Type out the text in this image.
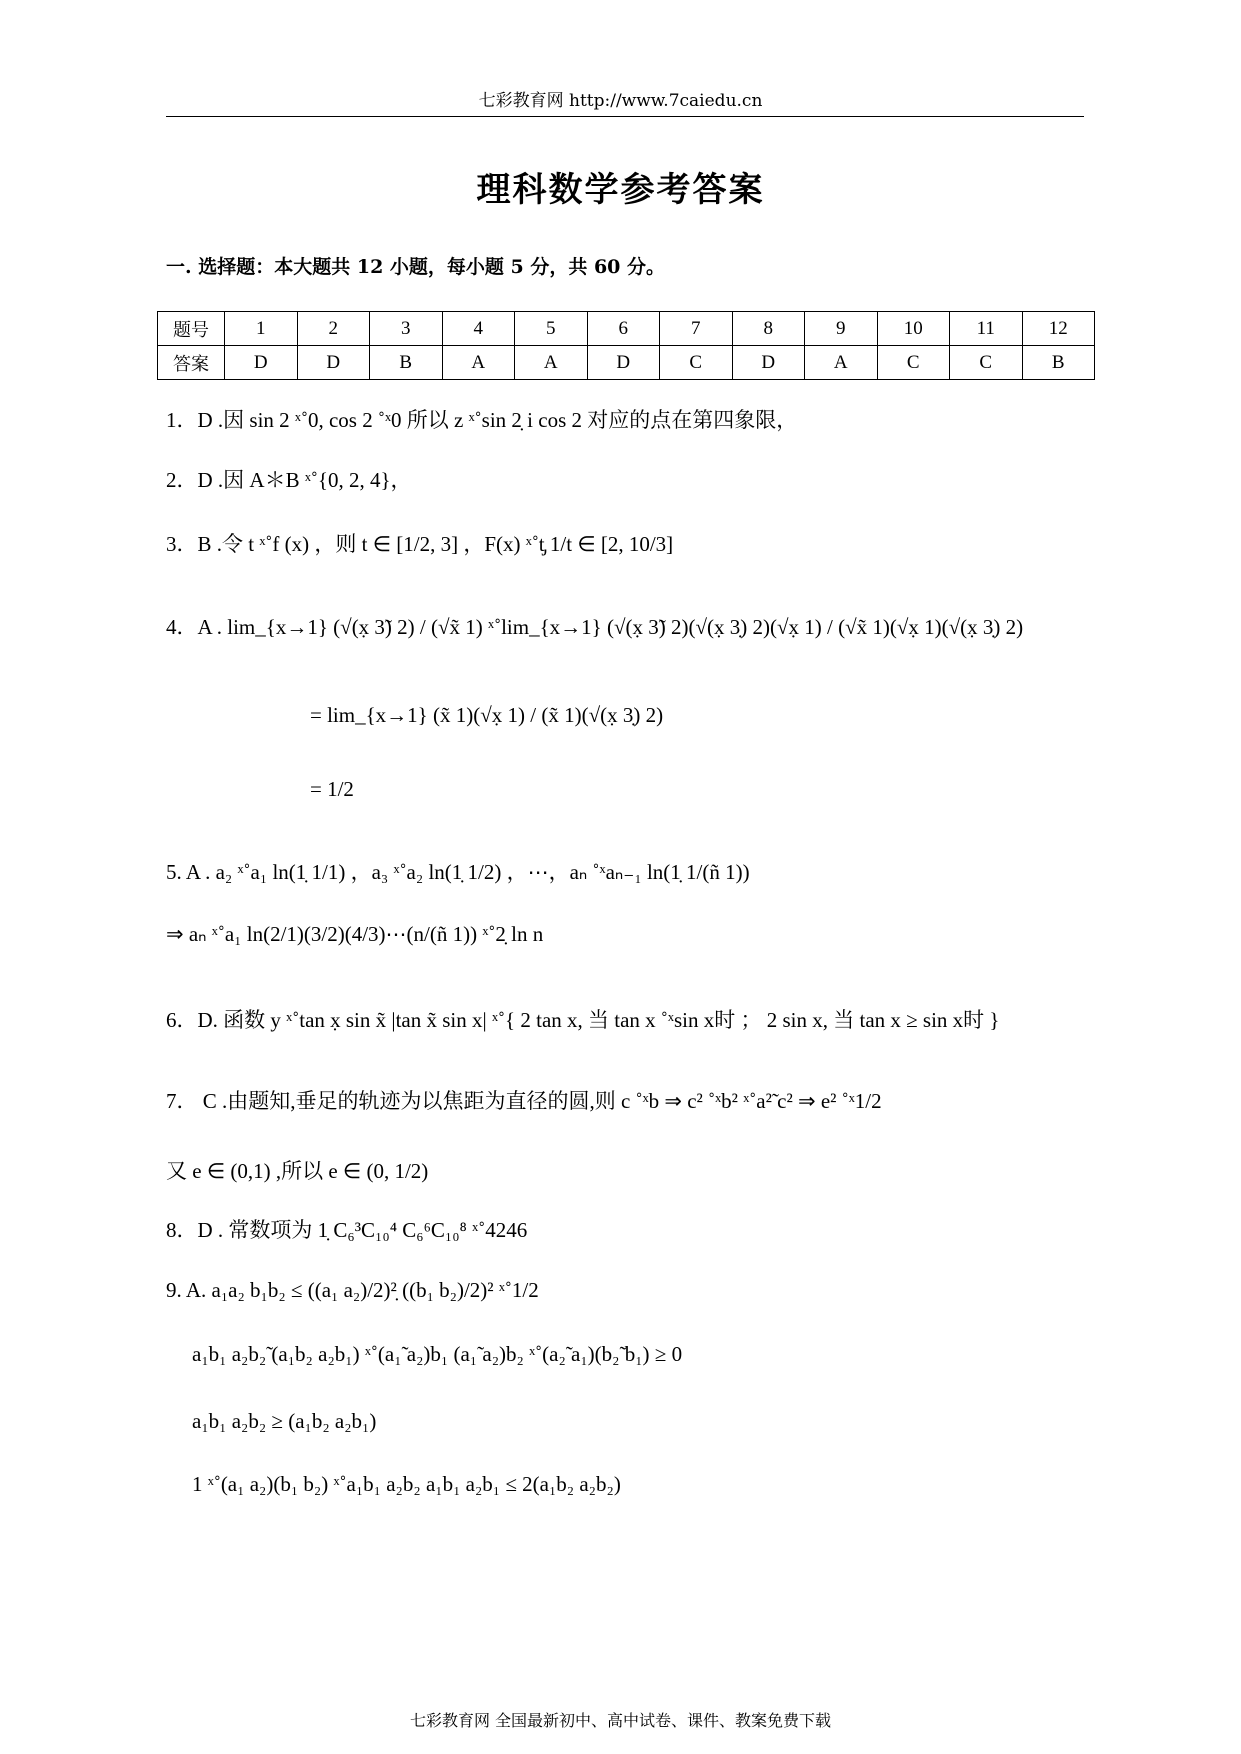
七彩教育网 http://www.7caiedu.cn
理科数学参考答案
一. 选择题：本大题共 12 小题，每小题 5 分，共 60 分。
题号	1	2	3	4	5	6	7	8	9	10	11	12
答案	D	D	B	A	A	D	C	D	A	C	C	B
1．D .因 sin 2 ˣ˚0, cos 2 ˚ˣ0 所以 z ˣ˚sin 2̣ i cos 2 对应的点在第四象限，
2．D .因 A＊B ˣ˚{0, 2, 4}，
3．B .令 t ˣ˚f (x) ，则 t ∈ [1/2, 3] ，F(x) ˣ˚t̡ 1/t ∈ [2, 10/3]
4．A . lim_{x→1} (√(x̣ 3̃) 2) / (√x̃ 1) ˣ˚lim_{x→1} (√(x̣ 3̃) 2)(√(x̣ 3̣) 2)(√x̣ 1) / (√x̃ 1)(√x̣ 1)(√(x̣ 3̣) 2)
= lim_{x→1} (x̃ 1)(√x̣ 1) / (x̃ 1)(√(x̣ 3̣) 2)
= 1/2
5. A . a₂ ˣ˚a₁ ln(1̣ 1/1) ，a₃ ˣ˚a₂ ln(1̣ 1/2) ，⋯，aₙ ˚ˣaₙ₋₁ ln(1̣ 1/(ñ 1))
⇒ aₙ ˣ˚a₁ ln(2/1)(3/2)(4/3)⋯(n/(ñ 1)) ˣ˚2̣ ln n
6．D. 函数 y ˣ˚tan x̣ sin x̃ |tan x̃ sin x| ˣ˚{ 2 tan x, 当 tan x ˚ˣsin x时 ； 2 sin x, 当 tan x ≥ sin x时 }
7． C .由题知,垂足的轨迹为以焦距为直径的圆,则 c ˚ˣb ⇒ c² ˚ˣb² ˣ˚a²̃ c² ⇒ e² ˚ˣ1/2
又 e ∈ (0,1) ,所以 e ∈ (0, 1/2)
8．D . 常数项为 1̣ C₆³C₁₀⁴ C₆⁶C₁₀⁸ ˣ˚4246
9. A. a₁a₂ b₁b₂ ≤ ((a₁ a₂)/2)²̣ ((b₁ b₂)/2)² ˣ˚1/2
a₁b₁ a₂b₂̃ (a₁b₂ a₂b₁) ˣ˚(a₁̃ a₂)b₁ (a₁̃ a₂)b₂ ˣ˚(a₂̃ a₁)(b₂̃ b₁) ≥ 0
a₁b₁ a₂b₂ ≥ (a₁b₂ a₂b₁)
1 ˣ˚(a₁ a₂)(b₁ b₂) ˣ˚a₁b₁ a₂b₂ a₁b₁ a₂b₁ ≤ 2(a₁b₂ a₂b₂)
七彩教育网 全国最新初中、高中试卷、课件、教案免费下载
